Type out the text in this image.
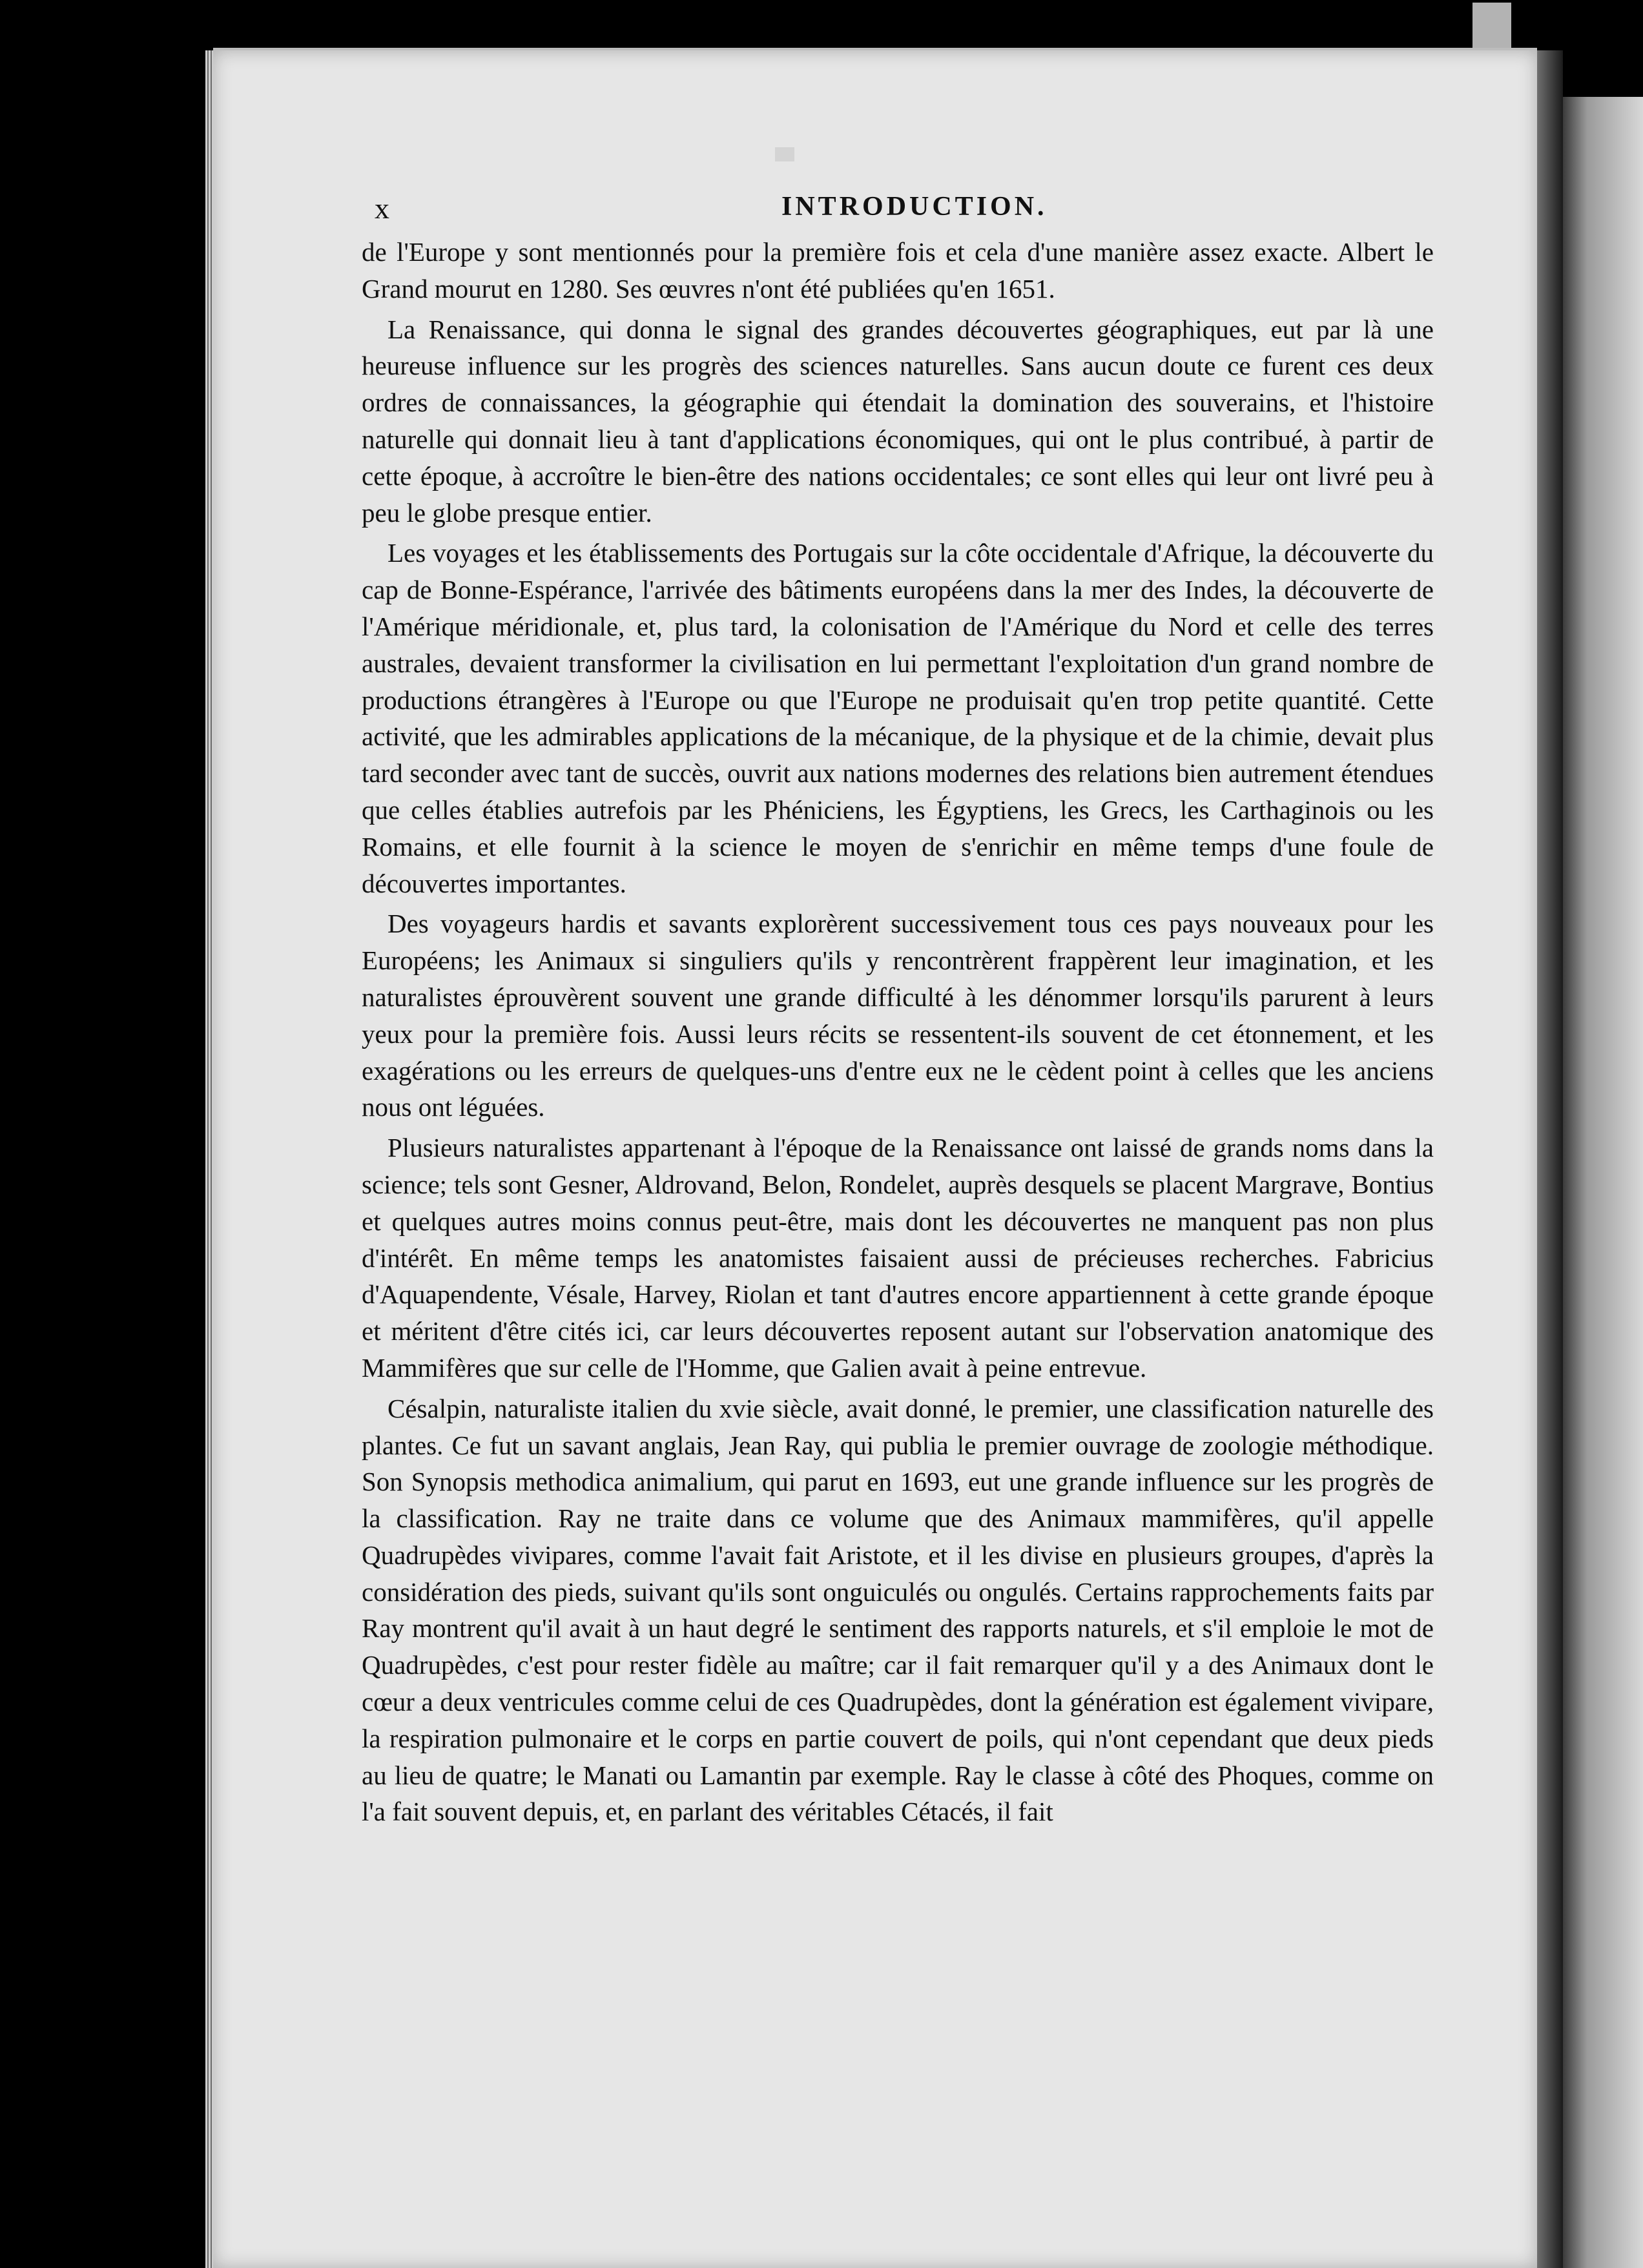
x	INTRODUCTION.

de l'Europe y sont mentionnés pour la première fois et cela d'une manière assez exacte. Albert le Grand mourut en 1280. Ses œuvres n'ont été publiées qu'en 1651.

La Renaissance, qui donna le signal des grandes découvertes géographiques, eut par là une heureuse influence sur les progrès des sciences naturelles. Sans aucun doute ce furent ces deux ordres de connaissances, la géographie qui étendait la domination des souverains, et l'histoire naturelle qui donnait lieu à tant d'applications économiques, qui ont le plus contribué, à partir de cette époque, à accroître le bien-être des nations occidentales; ce sont elles qui leur ont livré peu à peu le globe presque entier.

Les voyages et les établissements des Portugais sur la côte occidentale d'Afrique, la découverte du cap de Bonne-Espérance, l'arrivée des bâtiments européens dans la mer des Indes, la découverte de l'Amérique méridionale, et, plus tard, la colonisation de l'Amérique du Nord et celle des terres australes, devaient transformer la civilisation en lui permettant l'exploitation d'un grand nombre de productions étrangères à l'Europe ou que l'Europe ne produisait qu'en trop petite quantité. Cette activité, que les admirables applications de la mécanique, de la physique et de la chimie, devait plus tard seconder avec tant de succès, ouvrit aux nations modernes des relations bien autrement étendues que celles établies autrefois par les Phéniciens, les Égyptiens, les Grecs, les Carthaginois ou les Romains, et elle fournit à la science le moyen de s'enrichir en même temps d'une foule de découvertes importantes.

Des voyageurs hardis et savants explorèrent successivement tous ces pays nouveaux pour les Européens; les Animaux si singuliers qu'ils y rencontrèrent frappèrent leur imagination, et les naturalistes éprouvèrent souvent une grande difficulté à les dénommer lorsqu'ils parurent à leurs yeux pour la première fois. Aussi leurs récits se ressentent-ils souvent de cet étonnement, et les exagérations ou les erreurs de quelques-uns d'entre eux ne le cèdent point à celles que les anciens nous ont léguées.

Plusieurs naturalistes appartenant à l'époque de la Renaissance ont laissé de grands noms dans la science; tels sont Gesner, Aldrovand, Belon, Rondelet, auprès desquels se placent Margrave, Bontius et quelques autres moins connus peut-être, mais dont les découvertes ne manquent pas non plus d'intérêt. En même temps les anatomistes faisaient aussi de précieuses recherches. Fabricius d'Aquapendente, Vésale, Harvey, Riolan et tant d'autres encore appartiennent à cette grande époque et méritent d'être cités ici, car leurs découvertes reposent autant sur l'observation anatomique des Mammifères que sur celle de l'Homme, que Galien avait à peine entrevue.

Césalpin, naturaliste italien du xvie siècle, avait donné, le premier, une classification naturelle des plantes. Ce fut un savant anglais, Jean Ray, qui publia le premier ouvrage de zoologie méthodique. Son Synopsis methodica animalium, qui parut en 1693, eut une grande influence sur les progrès de la classification. Ray ne traite dans ce volume que des Animaux mammifères, qu'il appelle Quadrupèdes vivipares, comme l'avait fait Aristote, et il les divise en plusieurs groupes, d'après la considération des pieds, suivant qu'ils sont onguiculés ou ongulés. Certains rapprochements faits par Ray montrent qu'il avait à un haut degré le sentiment des rapports naturels, et s'il emploie le mot de Quadrupèdes, c'est pour rester fidèle au maître; car il fait remarquer qu'il y a des Animaux dont le cœur a deux ventricules comme celui de ces Quadrupèdes, dont la génération est également vivipare, la respiration pulmonaire et le corps en partie couvert de poils, qui n'ont cependant que deux pieds au lieu de quatre; le Manati ou Lamantin par exemple. Ray le classe à côté des Phoques, comme on l'a fait souvent depuis, et, en parlant des véritables Cétacés, il fait
